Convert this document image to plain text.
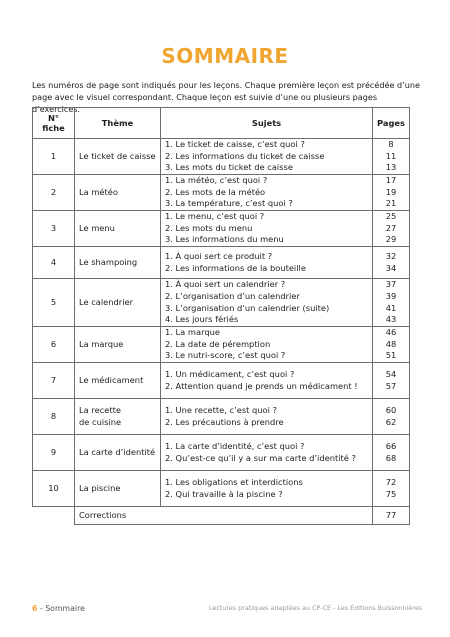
SOMMAIRE

Les numéros de page sont indiqués pour les leçons. Chaque première leçon est précédée d’une page avec le visuel correspondant. Chaque leçon est suivie d’une ou plusieurs pages d’exercices.

N° fiche	Thème	Sujets	Pages
1	Le ticket de caisse	1. Le ticket de caisse, c’est quoi ?
2. Les informations du ticket de caisse
3. Les mots du ticket de caisse	8
11
13

2	La météo	1. La météo, c’est quoi ?
2. Les mots de la météo
3. La température, c’est quoi ?	17
19
21

3	Le menu	1. Le menu, c’est quoi ?
2. Les mots du menu
3. Les informations du menu	25
27
29

4	Le shampoing	1. À quoi sert ce produit ?
2. Les informations de la bouteille	32
34

5	Le calendrier	1. À quoi sert un calendrier ?
2. L’organisation d’un calendrier
3. L’organisation d’un calendrier (suite)
4. Les jours fériés	37
39
41
43

6	La marque	1. La marque
2. La date de péremption
3. Le nutri-score, c’est quoi ?	46
48
51

7	Le médicament	1. Un médicament, c’est quoi ?
2. Attention quand je prends un médicament !	54
57

8	La recette
de cuisine	1. Une recette, c’est quoi ?
2. Les précautions à prendre	60
62

9	La carte d’identité	1. La carte d’identité, c’est quoi ?
2. Qu’est-ce qu’il y a sur ma carte d’identité ?	66
68

10	La piscine	1. Les obligations et interdictions
2. Qui travaille à la piscine ?	72
75

	Corrections		77
6 - Sommaire	Lectures pratiques adaptées au CP-CE - Les Éditions Buissonnières
